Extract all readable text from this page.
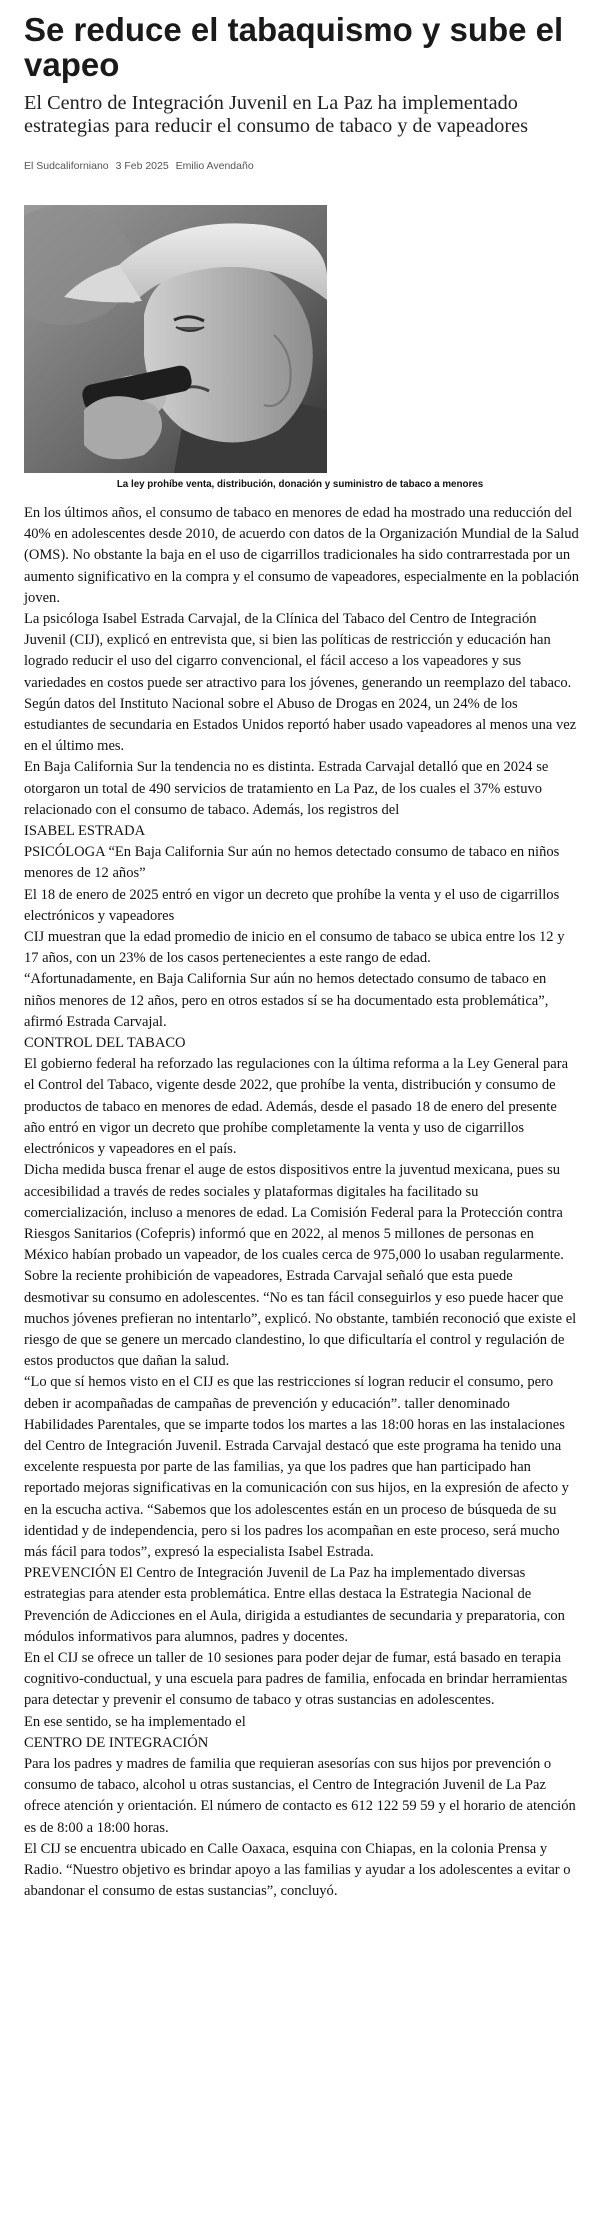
Se reduce el tabaquismo y sube el vapeo

El Centro de Integración Juvenil en La Paz ha implementado estrategias para reducir el consumo de tabaco y de vapeadores

El Sudcaliforniano 3 Feb 2025 Emilio Avendaño

La ley prohíbe venta, distribución, donación y suministro de tabaco a menores

En los últimos años, el consumo de tabaco en menores de edad ha mostrado una reducción del 40% en adolescentes desde 2010, de acuerdo con datos de la Organización Mundial de la Salud (OMS). No obstante la baja en el uso de cigarrillos tradicionales ha sido contrarrestada por un aumento significativo en la compra y el consumo de vapeadores, especialmente en la población joven.

La psicóloga Isabel Estrada Carvajal, de la Clínica del Tabaco del Centro de Integración Juvenil (CIJ), explicó en entrevista que, si bien las políticas de restricción y educación han logrado reducir el uso del cigarro convencional, el fácil acceso a los vapeadores y sus variedades en costos puede ser atractivo para los jóvenes, generando un reemplazo del tabaco.

Según datos del Instituto Nacional sobre el Abuso de Drogas en 2024, un 24% de los estudiantes de secundaria en Estados Unidos reportó haber usado vapeadores al menos una vez en el último mes.

En Baja California Sur la tendencia no es distinta. Estrada Carvajal detalló que en 2024 se otorgaron un total de 490 servicios de tratamiento en La Paz, de los cuales el 37% estuvo relacionado con el consumo de tabaco. Además, los registros del

ISABEL ESTRADA

PSICÓLOGA “En Baja California Sur aún no hemos detectado consumo de tabaco en niños menores de 12 años”

El 18 de enero de 2025 entró en vigor un decreto que prohíbe la venta y el uso de cigarrillos electrónicos y vapeadores

CIJ muestran que la edad promedio de inicio en el consumo de tabaco se ubica entre los 12 y 17 años, con un 23% de los casos pertenecientes a este rango de edad.

“Afortunadamente, en Baja California Sur aún no hemos detectado consumo de tabaco en niños menores de 12 años, pero en otros estados sí se ha documentado esta problemática”, afirmó Estrada Carvajal.

CONTROL DEL TABACO

El gobierno federal ha reforzado las regulaciones con la última reforma a la Ley General para el Control del Tabaco, vigente desde 2022, que prohíbe la venta, distribución y consumo de productos de tabaco en menores de edad. Además, desde el pasado 18 de enero del presente año entró en vigor un decreto que prohíbe completamente la venta y uso de cigarrillos electrónicos y vapeadores en el país.

Dicha medida busca frenar el auge de estos dispositivos entre la juventud mexicana, pues su accesibilidad a través de redes sociales y plataformas digitales ha facilitado su comercialización, incluso a menores de edad. La Comisión Federal para la Protección contra Riesgos Sanitarios (Cofepris) informó que en 2022, al menos 5 millones de personas en México habían probado un vapeador, de los cuales cerca de 975,000 lo usaban regularmente.

Sobre la reciente prohibición de vapeadores, Estrada Carvajal señaló que esta puede desmotivar su consumo en adolescentes. “No es tan fácil conseguirlos y eso puede hacer que muchos jóvenes prefieran no intentarlo”, explicó. No obstante, también reconoció que existe el riesgo de que se genere un mercado clandestino, lo que dificultaría el control y regulación de estos productos que dañan la salud.

“Lo que sí hemos visto en el CIJ es que las restricciones sí logran reducir el consumo, pero deben ir acompañadas de campañas de prevención y educación”. taller denominado Habilidades Parentales, que se imparte todos los martes a las 18:00 horas en las instalaciones del Centro de Integración Juvenil. Estrada Carvajal destacó que este programa ha tenido una excelente respuesta por parte de las familias, ya que los padres que han participado han reportado mejoras significativas en la comunicación con sus hijos, en la expresión de afecto y en la escucha activa. “Sabemos que los adolescentes están en un proceso de búsqueda de su identidad y de independencia, pero si los padres los acompañan en este proceso, será mucho más fácil para todos”, expresó la especialista Isabel Estrada.

PREVENCIÓN El Centro de Integración Juvenil de La Paz ha implementado diversas estrategias para atender esta problemática. Entre ellas destaca la Estrategia Nacional de Prevención de Adicciones en el Aula, dirigida a estudiantes de secundaria y preparatoria, con módulos informativos para alumnos, padres y docentes.

En el CIJ se ofrece un taller de 10 sesiones para poder dejar de fumar, está basado en terapia cognitivo-conductual, y una escuela para padres de familia, enfocada en brindar herramientas para detectar y prevenir el consumo de tabaco y otras sustancias en adolescentes.

En ese sentido, se ha implementado el

CENTRO DE INTEGRACIÓN

Para los padres y madres de familia que requieran asesorías con sus hijos por prevención o consumo de tabaco, alcohol u otras sustancias, el Centro de Integración Juvenil de La Paz ofrece atención y orientación. El número de contacto es 612 122 59 59 y el horario de atención es de 8:00 a 18:00 horas.

El CIJ se encuentra ubicado en Calle Oaxaca, esquina con Chiapas, en la colonia Prensa y Radio. “Nuestro objetivo es brindar apoyo a las familias y ayudar a los adolescentes a evitar o abandonar el consumo de estas sustancias”, concluyó.
